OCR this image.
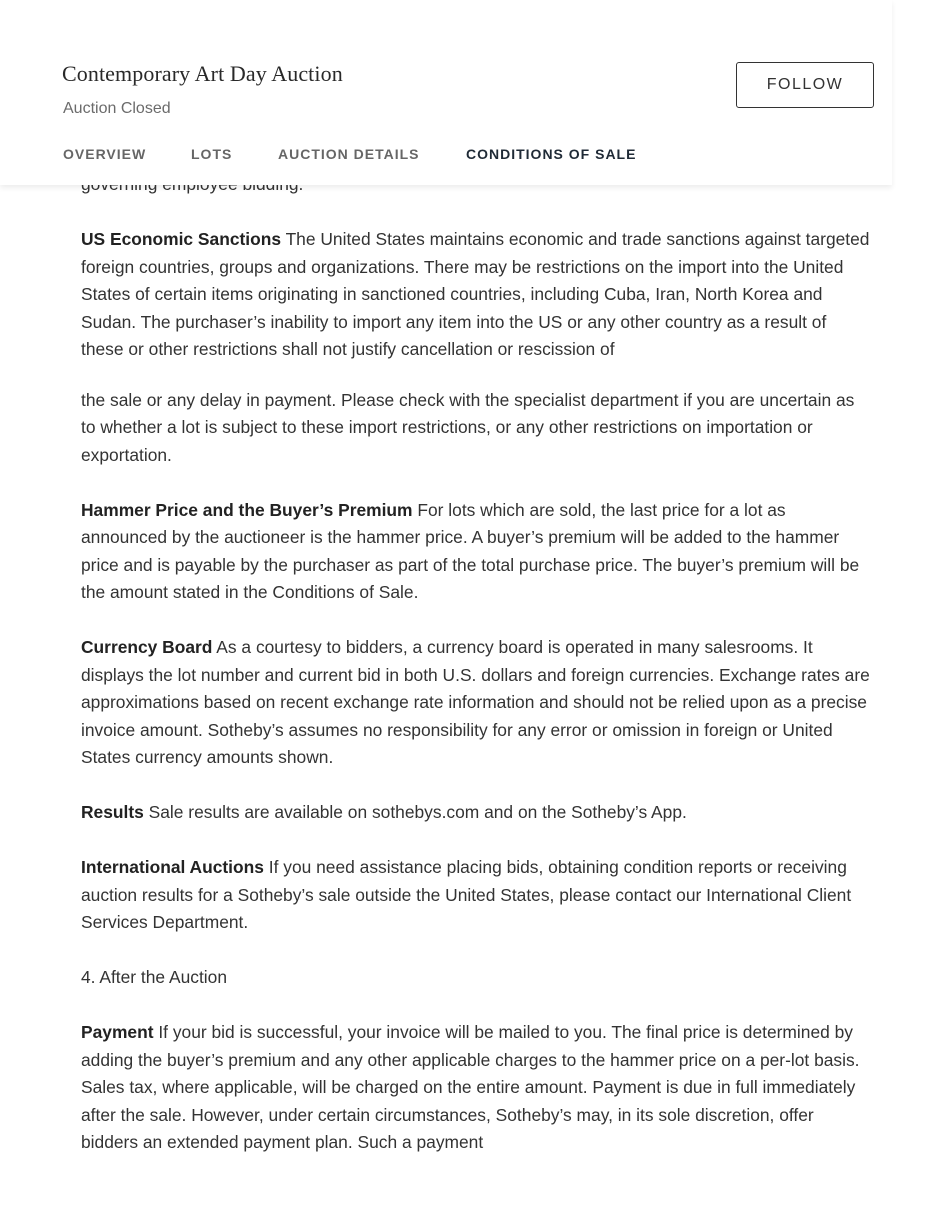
Contemporary Art Day Auction
Auction Closed
FOLLOW
OVERVIEW	LOTS	AUCTION DETAILS	CONDITIONS OF SALE

US Economic Sanctions The United States maintains economic and trade sanctions against targeted foreign countries, groups and organizations. There may be restrictions on the import into the United States of certain items originating in sanctioned countries, including Cuba, Iran, North Korea and Sudan. The purchaser’s inability to import any item into the US or any other country as a result of these or other restrictions shall not justify cancellation or rescission of

the sale or any delay in payment. Please check with the specialist department if you are uncertain as to whether a lot is subject to these import restrictions, or any other restrictions on importation or exportation.

Hammer Price and the Buyer’s Premium For lots which are sold, the last price for a lot as announced by the auctioneer is the hammer price. A buyer’s premium will be added to the hammer price and is payable by the purchaser as part of the total purchase price. The buyer’s premium will be the amount stated in the Conditions of Sale.

Currency Board As a courtesy to bidders, a currency board is operated in many salesrooms. It displays the lot number and current bid in both U.S. dollars and foreign currencies. Exchange rates are approximations based on recent exchange rate information and should not be relied upon as a precise invoice amount. Sotheby’s assumes no responsibility for any error or omission in foreign or United States currency amounts shown.

Results Sale results are available on sothebys.com and on the Sotheby’s App.

International Auctions If you need assistance placing bids, obtaining condition reports or receiving auction results for a Sotheby’s sale outside the United States, please contact our International Client Services Department.

4. After the Auction

Payment If your bid is successful, your invoice will be mailed to you. The final price is determined by adding the buyer’s premium and any other applicable charges to the hammer price on a per-lot basis. Sales tax, where applicable, will be charged on the entire amount. Payment is due in full immediately after the sale. However, under certain circumstances, Sotheby’s may, in its sole discretion, offer bidders an extended payment plan. Such a payment
